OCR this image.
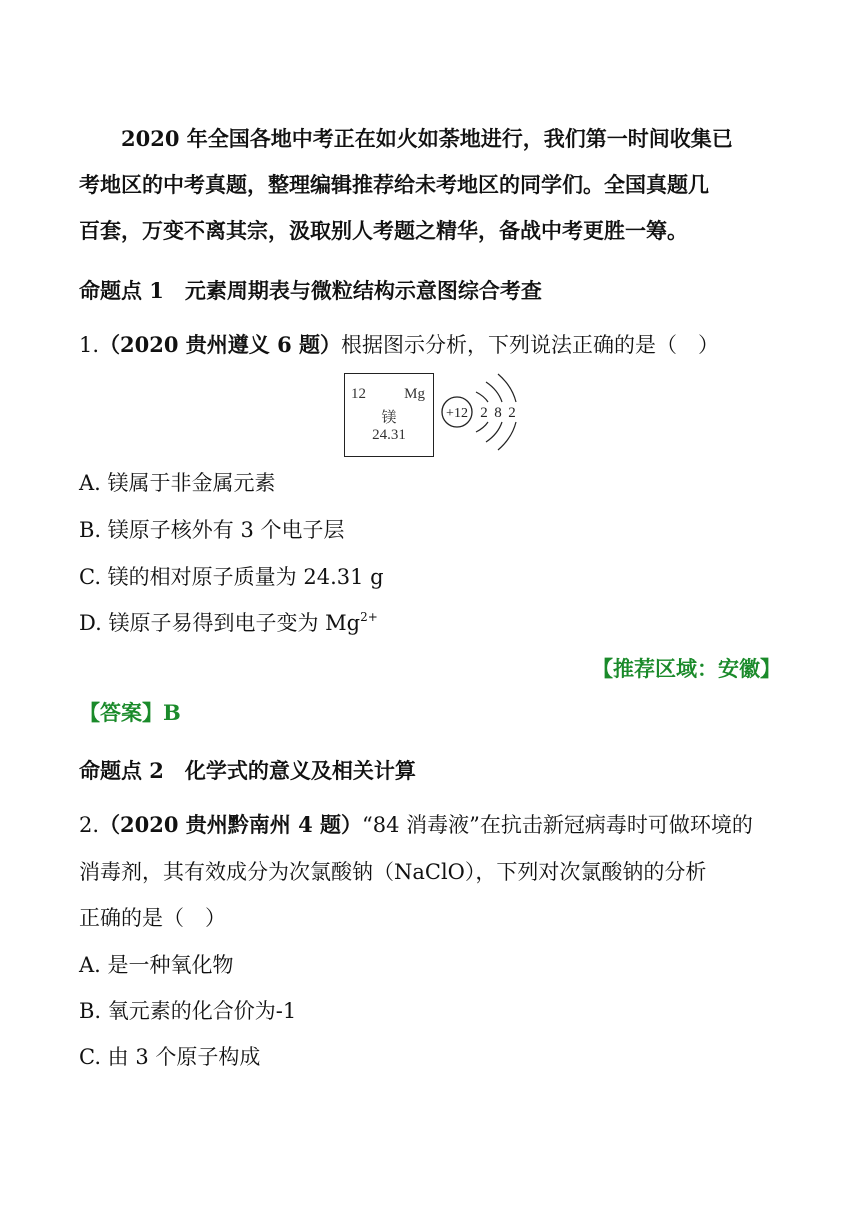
2020 年全国各地中考正在如火如荼地进行，我们第一时间收集已
考地区的中考真题，整理编辑推荐给未考地区的同学们。全国真题几
百套，万变不离其宗，汲取别人考题之精华，备战中考更胜一筹。
命题点 1　元素周期表与微粒结构示意图综合考查
1.（2020 贵州遵义 6 题）根据图示分析，下列说法正确的是（　）
12	Mg
镁
24.31
+12 2 8 2
A. 镁属于非金属元素
B. 镁原子核外有 3 个电子层
C. 镁的相对原子质量为 24.31 g
D. 镁原子易得到电子变为 $Mg^{2+}$
【推荐区域：安徽】
【答案】B
命题点 2　化学式的意义及相关计算
2.（2020 贵州黔南州 4 题）“84 消毒液”在抗击新冠病毒时可做环境的
消毒剂，其有效成分为次氯酸钠（NaClO），下列对次氯酸钠的分析
正确的是（　）
A. 是一种氧化物
B. 氧元素的化合价为-1
C. 由 3 个原子构成
